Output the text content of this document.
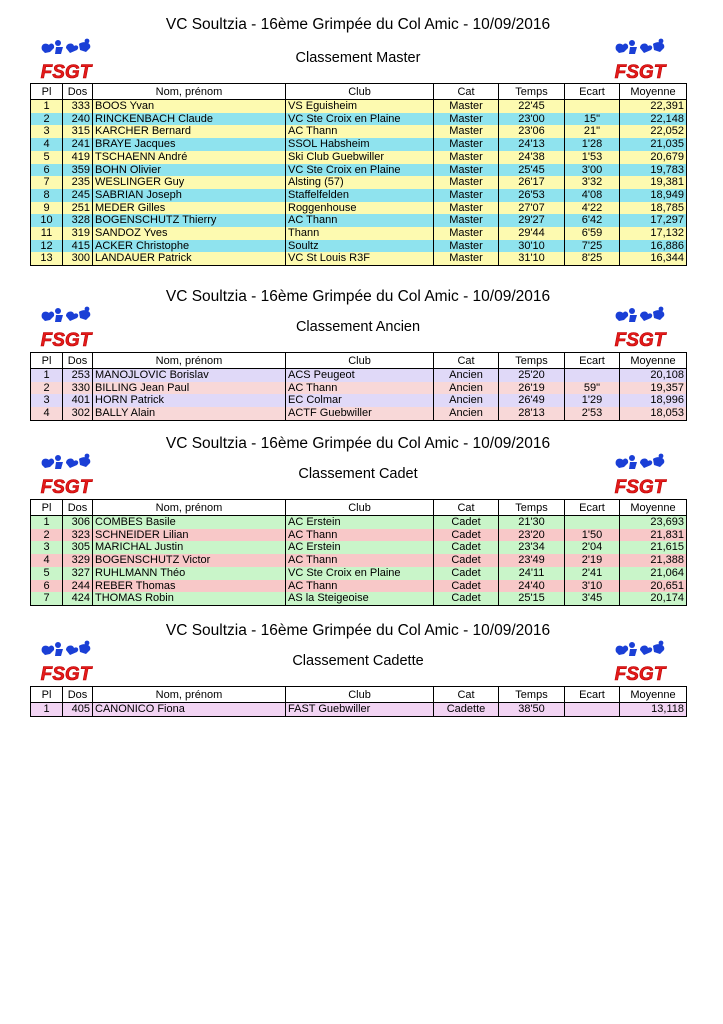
VC Soultzia - 16ème Grimpée du Col Amic - 10/09/2016
FSGT	FSGT
Classement Master
Pl	Dos	Nom, prénom	Club	Cat	Temps	Ecart	Moyenne
1	333	BOOS Yvan	VS Eguisheim	Master	22'45		22,391
2	240	RINCKENBACH Claude	VC Ste Croix en Plaine	Master	23'00	15"	22,148
3	315	KARCHER Bernard	AC Thann	Master	23'06	21"	22,052
4	241	BRAYE Jacques	SSOL Habsheim	Master	24'13	1'28	21,035
5	419	TSCHAENN André	Ski Club Guebwiller	Master	24'38	1'53	20,679
6	359	BOHN Olivier	VC Ste Croix en Plaine	Master	25'45	3'00	19,783
7	235	WESLINGER Guy	Alsting (57)	Master	26'17	3'32	19,381
8	245	SABRIAN Joseph	Staffelfelden	Master	26'53	4'08	18,949
9	251	MEDER Gilles	Roggenhouse	Master	27'07	4'22	18,785
10	328	BOGENSCHUTZ Thierry	AC Thann	Master	29'27	6'42	17,297
11	319	SANDOZ Yves	Thann	Master	29'44	6'59	17,132
12	415	ACKER Christophe	Soultz	Master	30'10	7'25	16,886
13	300	LANDAUER Patrick	VC St Louis R3F	Master	31'10	8'25	16,344
VC Soultzia - 16ème Grimpée du Col Amic - 10/09/2016
FSGT	FSGT
Classement Ancien
Pl	Dos	Nom, prénom	Club	Cat	Temps	Ecart	Moyenne
1	253	MANOJLOVIC Borislav	ACS Peugeot	Ancien	25'20		20,108
2	330	BILLING Jean Paul	AC Thann	Ancien	26'19	59"	19,357
3	401	HORN Patrick	EC Colmar	Ancien	26'49	1'29	18,996
4	302	BALLY Alain	ACTF Guebwiller	Ancien	28'13	2'53	18,053
VC Soultzia - 16ème Grimpée du Col Amic - 10/09/2016
FSGT	FSGT
Classement Cadet
Pl	Dos	Nom, prénom	Club	Cat	Temps	Ecart	Moyenne
1	306	COMBES Basile	AC Erstein	Cadet	21'30		23,693
2	323	SCHNEIDER Lilian	AC Thann	Cadet	23'20	1'50	21,831
3	305	MARICHAL Justin	AC Erstein	Cadet	23'34	2'04	21,615
4	329	BOGENSCHUTZ Victor	AC Thann	Cadet	23'49	2'19	21,388
5	327	RUHLMANN Théo	VC Ste Croix en Plaine	Cadet	24'11	2'41	21,064
6	244	REBER Thomas	AC Thann	Cadet	24'40	3'10	20,651
7	424	THOMAS Robin	AS la Steigeoise	Cadet	25'15	3'45	20,174
VC Soultzia - 16ème Grimpée du Col Amic - 10/09/2016
FSGT	FSGT
Classement Cadette
Pl	Dos	Nom, prénom	Club	Cat	Temps	Ecart	Moyenne
1	405	CANONICO Fiona	FAST Guebwiller	Cadette	38'50		13,118
